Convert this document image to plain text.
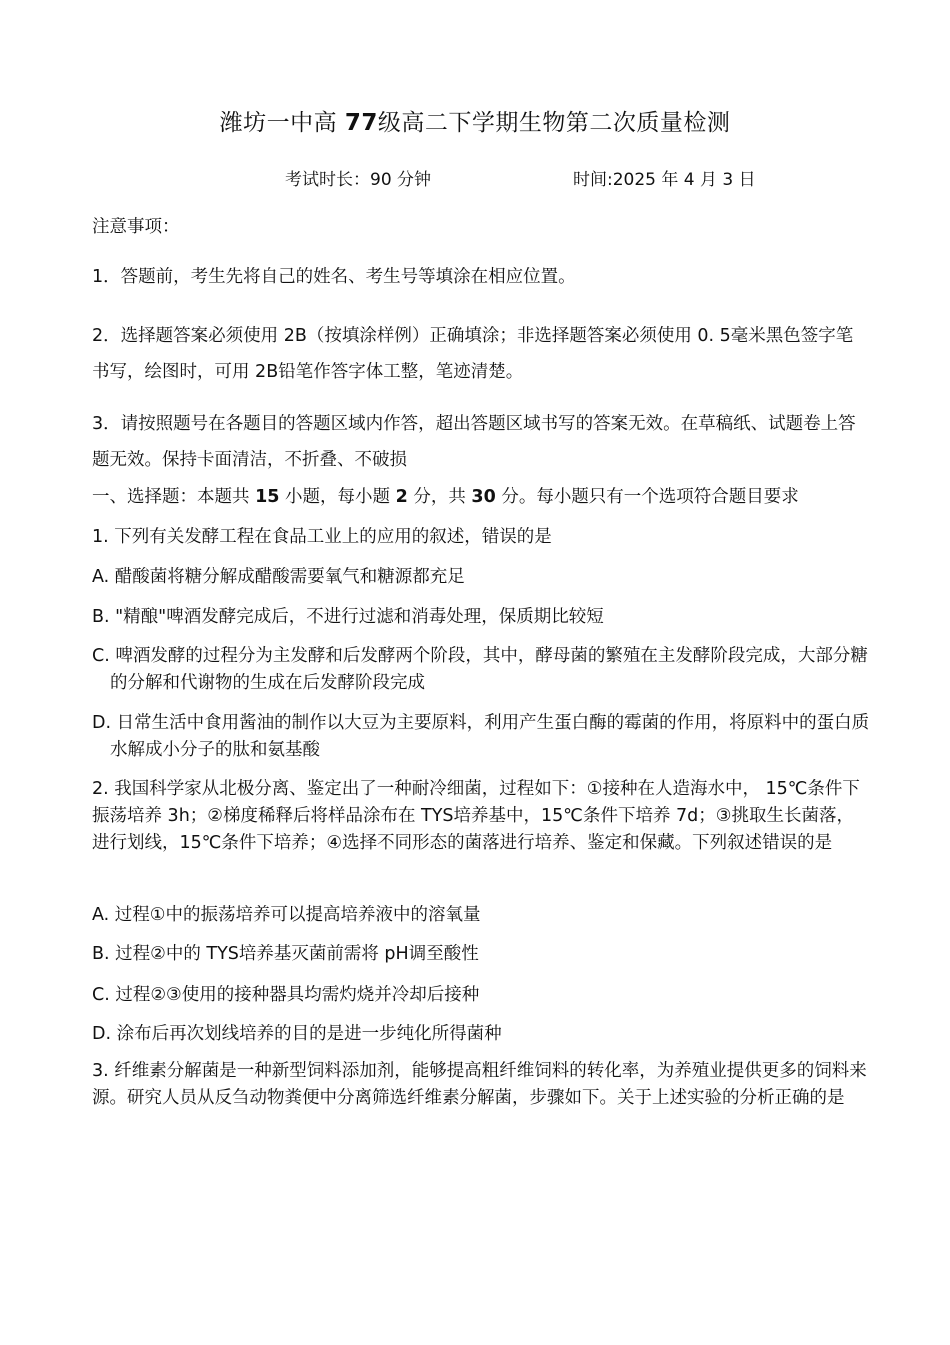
潍坊一中高 77级高二下学期生物第二次质量检测
考试时长：90 分钟	时间:2025 年 4 月 3 日
注意事项：
1．答题前，考生先将自己的姓名、考生号等填涂在相应位置。
2．选择题答案必须使用 2B（按填涂样例）正确填涂；非选择题答案必须使用 0. 5毫米黑色签字笔书写，绘图时，可用 2B铅笔作答字体工整，笔迹清楚。
3．请按照题号在各题目的答题区域内作答，超出答题区域书写的答案无效。在草稿纸、试题卷上答题无效。保持卡面清洁，不折叠、不破损
一、选择题：本题共 15 小题，每小题 2 分，共 30 分。每小题只有一个选项符合题目要求
1. 下列有关发酵工程在食品工业上的应用的叙述，错误的是
A. 醋酸菌将糖分解成醋酸需要氧气和糖源都充足
B. "精酿"啤酒发酵完成后，不进行过滤和消毒处理，保质期比较短
C. 啤酒发酵的过程分为主发酵和后发酵两个阶段，其中，酵母菌的繁殖在主发酵阶段完成，大部分糖的分解和代谢物的生成在后发酵阶段完成
D. 日常生活中食用酱油的制作以大豆为主要原料，利用产生蛋白酶的霉菌的作用，将原料中的蛋白质水解成小分子的肽和氨基酸
2. 我国科学家从北极分离、鉴定出了一种耐冷细菌，过程如下：①接种在人造海水中， 15℃条件下振荡培养 3h；②梯度稀释后将样品涂布在 TYS培养基中，15℃条件下培养 7d；③挑取生长菌落，进行划线，15℃条件下培养；④选择不同形态的菌落进行培养、鉴定和保藏。下列叙述错误的是
A. 过程①中的振荡培养可以提高培养液中的溶氧量
B. 过程②中的 TYS培养基灭菌前需将 pH调至酸性
C. 过程②③使用的接种器具均需灼烧并冷却后接种
D. 涂布后再次划线培养的目的是进一步纯化所得菌种
3. 纤维素分解菌是一种新型饲料添加剂，能够提高粗纤维饲料的转化率，为养殖业提供更多的饲料来源。研究人员从反刍动物粪便中分离筛选纤维素分解菌，步骤如下。关于上述实验的分析正确的是
